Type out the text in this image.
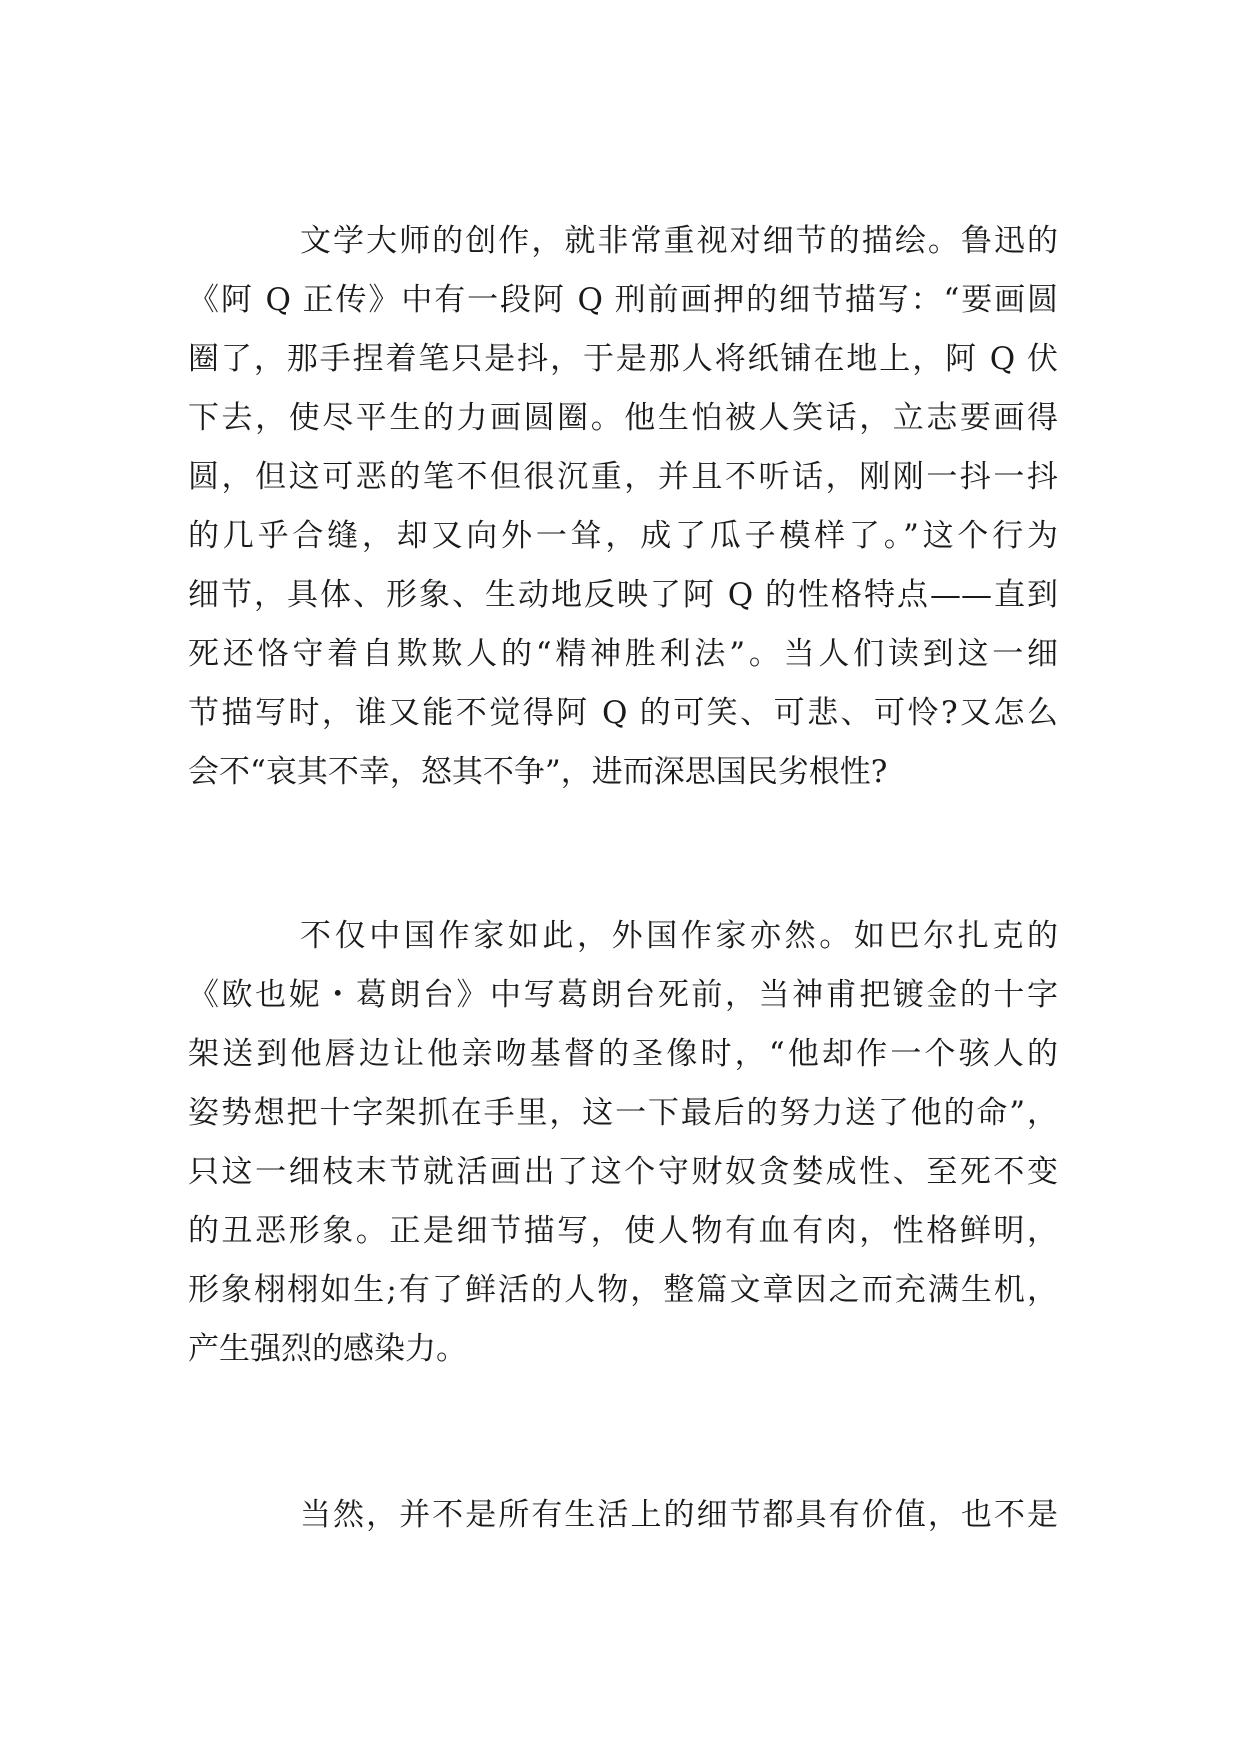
文学大师的创作，就非常重视对细节的描绘。鲁迅的
《阿 Q 正传》中有一段阿 Q 刑前画押的细节描写：“要画圆
圈了，那手捏着笔只是抖，于是那人将纸铺在地上，阿 Q 伏
下去，使尽平生的力画圆圈。他生怕被人笑话，立志要画得
圆，但这可恶的笔不但很沉重，并且不听话，刚刚一抖一抖
的几乎合缝，却又向外一耸，成了瓜子模样了。”这个行为
细节，具体、形象、生动地反映了阿 Q 的性格特点——直到
死还恪守着自欺欺人的“精神胜利法”。当人们读到这一细
节描写时，谁又能不觉得阿 Q 的可笑、可悲、可怜?又怎么
会不“哀其不幸，怒其不争”，进而深思国民劣根性?
不仅中国作家如此，外国作家亦然。如巴尔扎克的
《欧也妮・葛朗台》中写葛朗台死前，当神甫把镀金的十字
架送到他唇边让他亲吻基督的圣像时，“他却作一个骇人的
姿势想把十字架抓在手里，这一下最后的努力送了他的命”，
只这一细枝末节就活画出了这个守财奴贪婪成性、至死不变
的丑恶形象。正是细节描写，使人物有血有肉，性格鲜明，
形象栩栩如生;有了鲜活的人物，整篇文章因之而充满生机，
产生强烈的感染力。
当然，并不是所有生活上的细节都具有价值，也不是
